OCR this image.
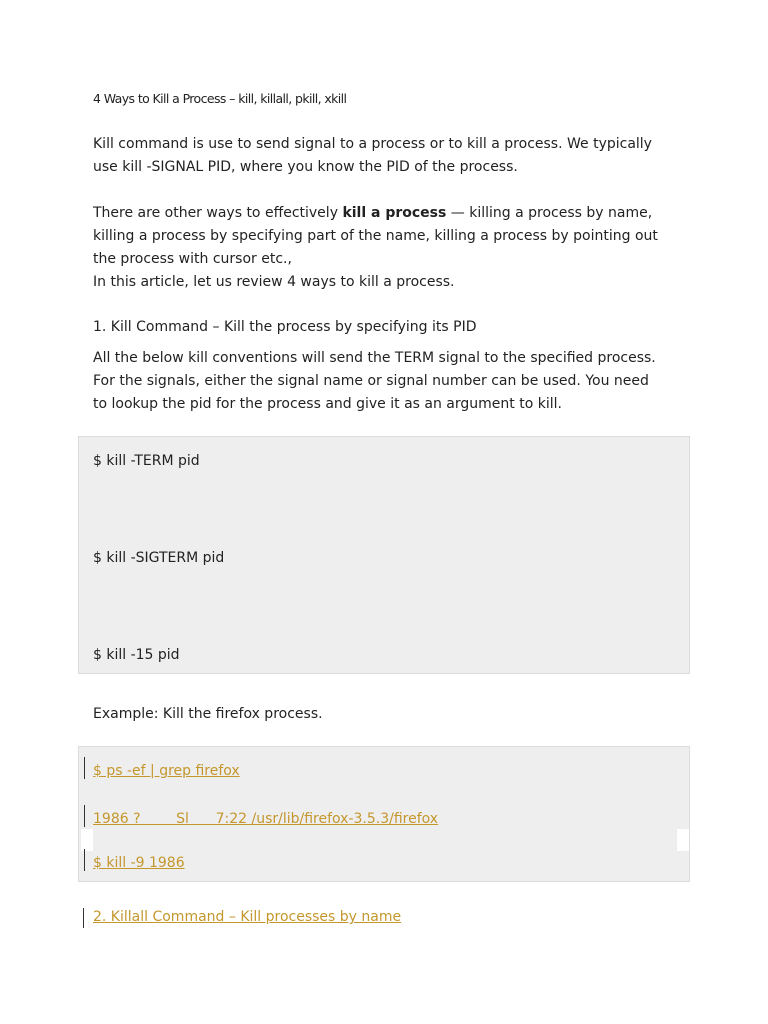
4 Ways to Kill a Process – kill, killall, pkill, xkill
Kill command is use to send signal to a process or to kill a process. We typically
use kill -SIGNAL PID, where you know the PID of the process.
There are other ways to effectively kill a process — killing a process by name,
killing a process by specifying part of the name, killing a process by pointing out
the process with cursor etc.,
In this article, let us review 4 ways to kill a process.
1. Kill Command – Kill the process by specifying its PID
All the below kill conventions will send the TERM signal to the specified process.
For the signals, either the signal name or signal number can be used. You need
to lookup the pid for the process and give it as an argument to kill.
$ kill -TERM pid
$ kill -SIGTERM pid
$ kill -15 pid
Example: Kill the firefox process.
$ ps -ef | grep firefox
1986 ?        Sl      7:22 /usr/lib/firefox-3.5.3/firefox
$ kill -9 1986
2. Killall Command – Kill processes by name
